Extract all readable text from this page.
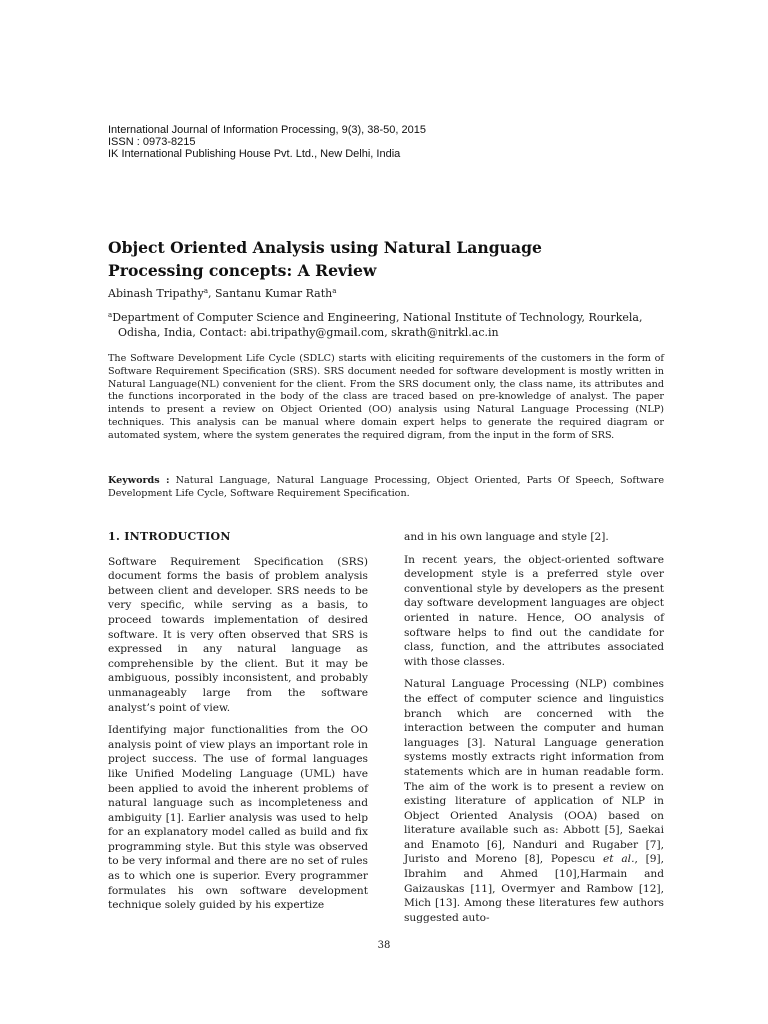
International Journal of Information Processing, 9(3), 38-50, 2015
ISSN : 0973-8215
IK International Publishing House Pvt. Ltd., New Delhi, India
Object Oriented Analysis using Natural Language
Processing concepts: A Review
Abinash Tripathy$^a$, Santanu Kumar Rath$^a$
$^a$Department of Computer Science and Engineering, National Institute of Technology, Rourkela,
Odisha, India, Contact: abi.tripathy@gmail.com, skrath@nitrkl.ac.in

The Software Development Life Cycle (SDLC) starts with eliciting requirements of the customers in the form of Software Requirement Specification (SRS). SRS document needed for software development is mostly written in Natural Language(NL) convenient for the client. From the SRS document only, the class name, its attributes and the functions incorporated in the body of the class are traced based on pre-knowledge of analyst. The paper intends to present a review on Object Oriented (OO) analysis using Natural Language Processing (NLP) techniques. This analysis can be manual where domain expert helps to generate the required diagram or automated system, where the system generates the required digram, from the input in the form of SRS.

Keywords : Natural Language, Natural Language Processing, Object Oriented, Parts Of Speech, Software Development Life Cycle, Software Requirement Specification.

1. INTRODUCTION

Software Requirement Specification (SRS) document forms the basis of problem analysis between client and developer. SRS needs to be very specific, while serving as a basis, to proceed towards implementation of desired software. It is very often observed that SRS is expressed in any natural language as comprehensible by the client. But it may be ambiguous, possibly inconsistent, and probably unmanageably large from the software analyst’s point of view.

Identifying major functionalities from the OO analysis point of view plays an important role in project success. The use of formal languages like Unified Modeling Language (UML) have been applied to avoid the inherent problems of natural language such as incompleteness and ambiguity [1]. Earlier analysis was used to help for an explanatory model called as build and fix programming style. But this style was observed to be very informal and there are no set of rules as to which one is superior. Every programmer formulates his own software development technique solely guided by his expertize

and in his own language and style [2].

In recent years, the object-oriented software development style is a preferred style over conventional style by developers as the present day software development languages are object oriented in nature. Hence, OO analysis of software helps to find out the candidate for class, function, and the attributes associated with those classes.

Natural Language Processing (NLP) combines the effect of computer science and linguistics branch which are concerned with the interaction between the computer and human languages [3]. Natural Language generation systems mostly extracts right information from statements which are in human readable form. The aim of the work is to present a review on existing literature of application of NLP in Object Oriented Analysis (OOA) based on literature available such as: Abbott [5], Saekai and Enamoto [6], Nanduri and Rugaber [7], Juristo and Moreno [8], Popescu et al., [9], Ibrahim and Ahmed [10],Harmain and Gaizauskas [11], Overmyer and Rambow [12], Mich [13]. Among these literatures few authors suggested auto-

38
